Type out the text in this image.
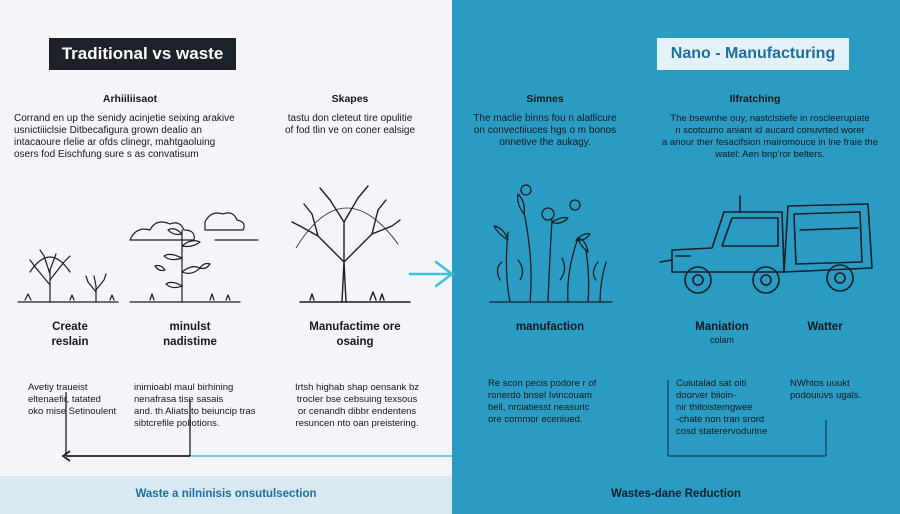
Traditional vs waste	Nano - Manufacturing
Arhiiliisaot
Corrand en up the senidy acinjetie seixing arakive
usnictiiiclsie Ditbecafigura grown dealio an
intacaoure rlelie ar ofds clinegr, mahtgaoluing
osers fod Eischfung sure s as convatisum
Skapes
tastu don cleteut tire opulitie
of fod tlin ve on coner ealsige
Simnes
The maclie binns fou n alatlicure
on convectiiuces hgs o m bonos
onnetive the aukagy.
Ilfratching
The bsewnhe ouy, nastclstiefe in roscleerupiate
n scotcumo aniant id aucard conuvrted worer
a anour ther fesacifsion mairomouce in lne fraie the
watel: Aen bnp'ror belters.
Create
reslain
minulst
nadistime
Manufactime ore
osaing
manufaction	Maniation
colam
Watter
Avetiy traueist
eltenaefir, tatated
oko mise Setinoulent
inimioabl maul birhining
nenafrasa tise sasais
and. th Aliats to beiuncip tras
sibtcrefile poliotions.
Irtsh highab shap oensank bz
trocler bse cebsuing texsous
or cenandh dibbr endentens
resuncen nto oan preistering.
Re scon pecis podore r of
ronerdo bnsel Ivincouam
bell, nrciatiesst neasuric
ore commor eceniued.
Cuiutalad sat oiti
doorver biioin-
nir thitoistemgwee
-chate non tran srord
cosd staterervodurine
NWhtos uuukt
podouiuvs ugals.
Waste a nilninisis onsutulsection	Wastes-dane Reduction
